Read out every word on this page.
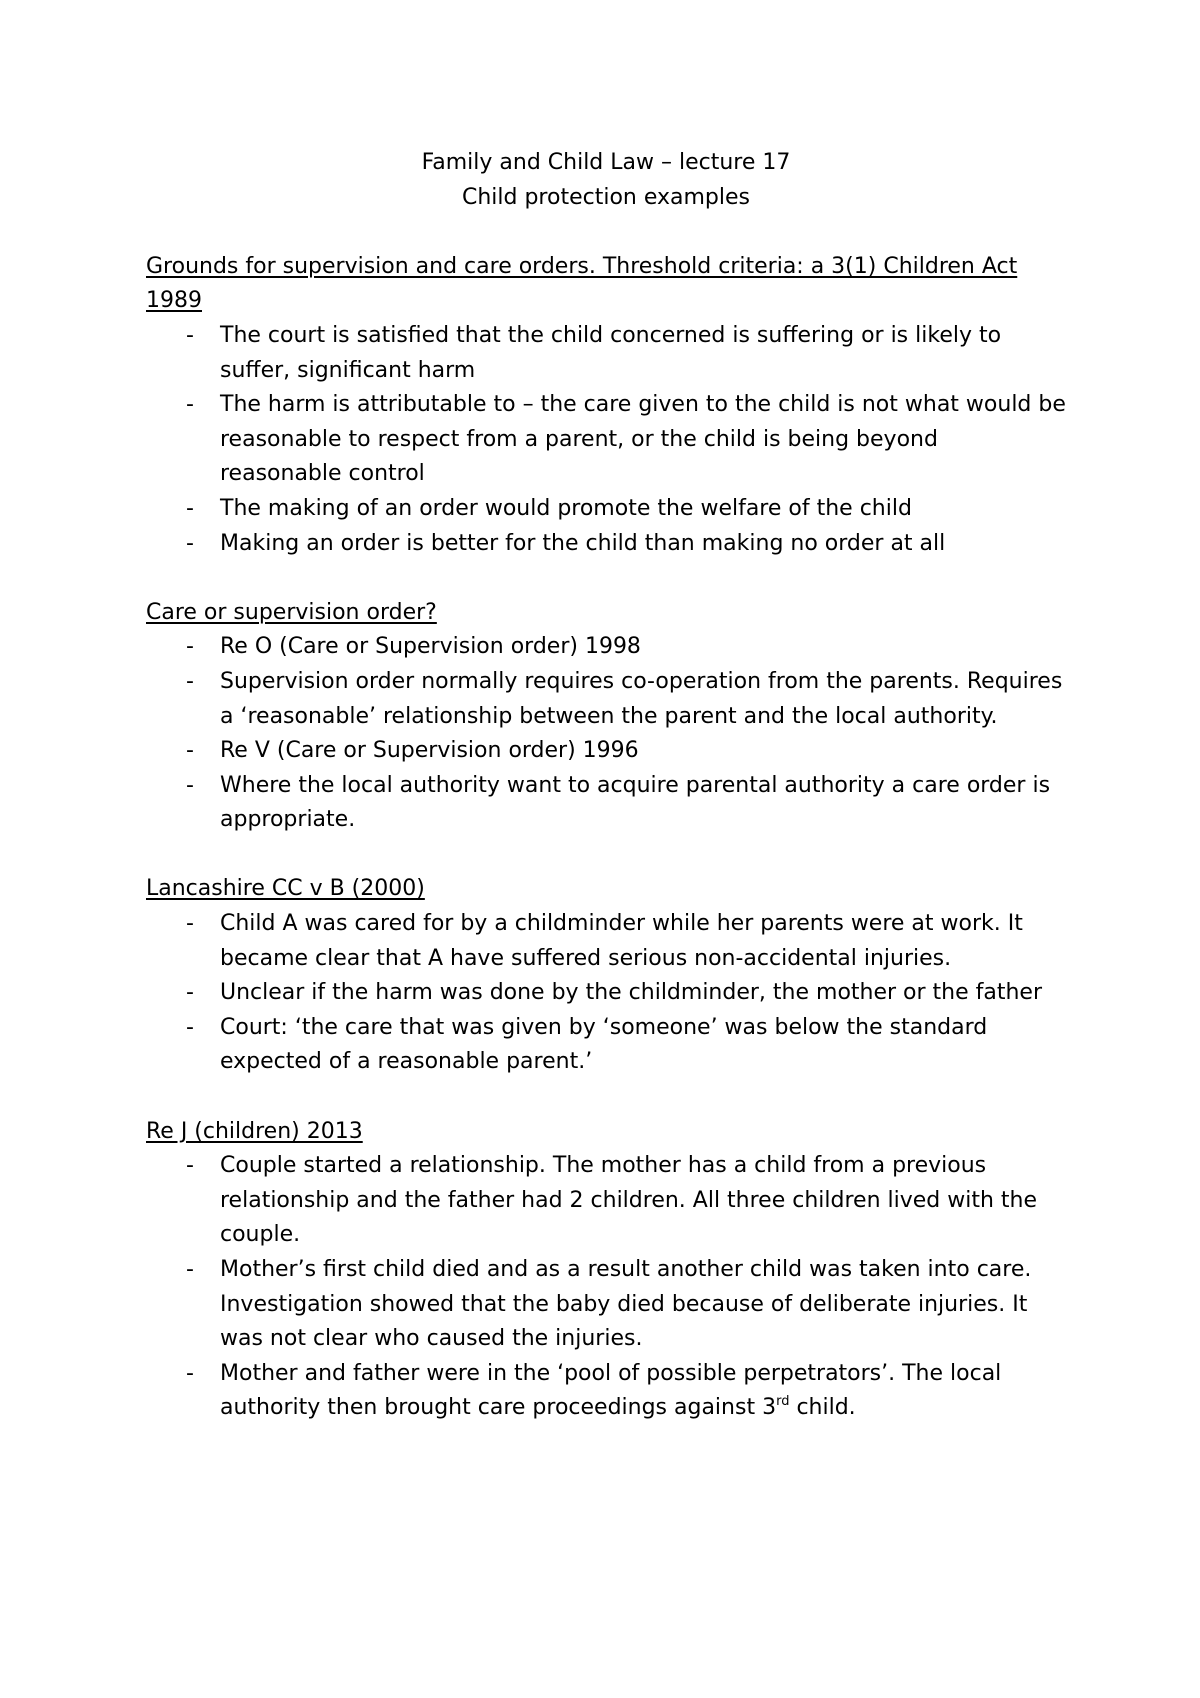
Family and Child Law – lecture 17

Child protection examples

Grounds for supervision and care orders. Threshold criteria: a 3(1) Children Act 1989

- The court is satisfied that the child concerned is suffering or is likely to suffer, significant harm
- The harm is attributable to – the care given to the child is not what would be reasonable to respect from a parent, or the child is being beyond reasonable control
- The making of an order would promote the welfare of the child
- Making an order is better for the child than making no order at all

Care or supervision order?

- Re O (Care or Supervision order) 1998
- Supervision order normally requires co-operation from the parents. Requires a ‘reasonable’ relationship between the parent and the local authority.
- Re V (Care or Supervision order) 1996
- Where the local authority want to acquire parental authority a care order is appropriate.

Lancashire CC v B (2000)

- Child A was cared for by a childminder while her parents were at work. It became clear that A have suffered serious non-accidental injuries.
- Unclear if the harm was done by the childminder, the mother or the father
- Court: ‘the care that was given by ‘someone’ was below the standard expected of a reasonable parent.’

Re J (children) 2013

- Couple started a relationship. The mother has a child from a previous relationship and the father had 2 children. All three children lived with the couple.
- Mother’s first child died and as a result another child was taken into care. Investigation showed that the baby died because of deliberate injuries. It was not clear who caused the injuries.
- Mother and father were in the ‘pool of possible perpetrators’. The local authority then brought care proceedings against 3rd child.
